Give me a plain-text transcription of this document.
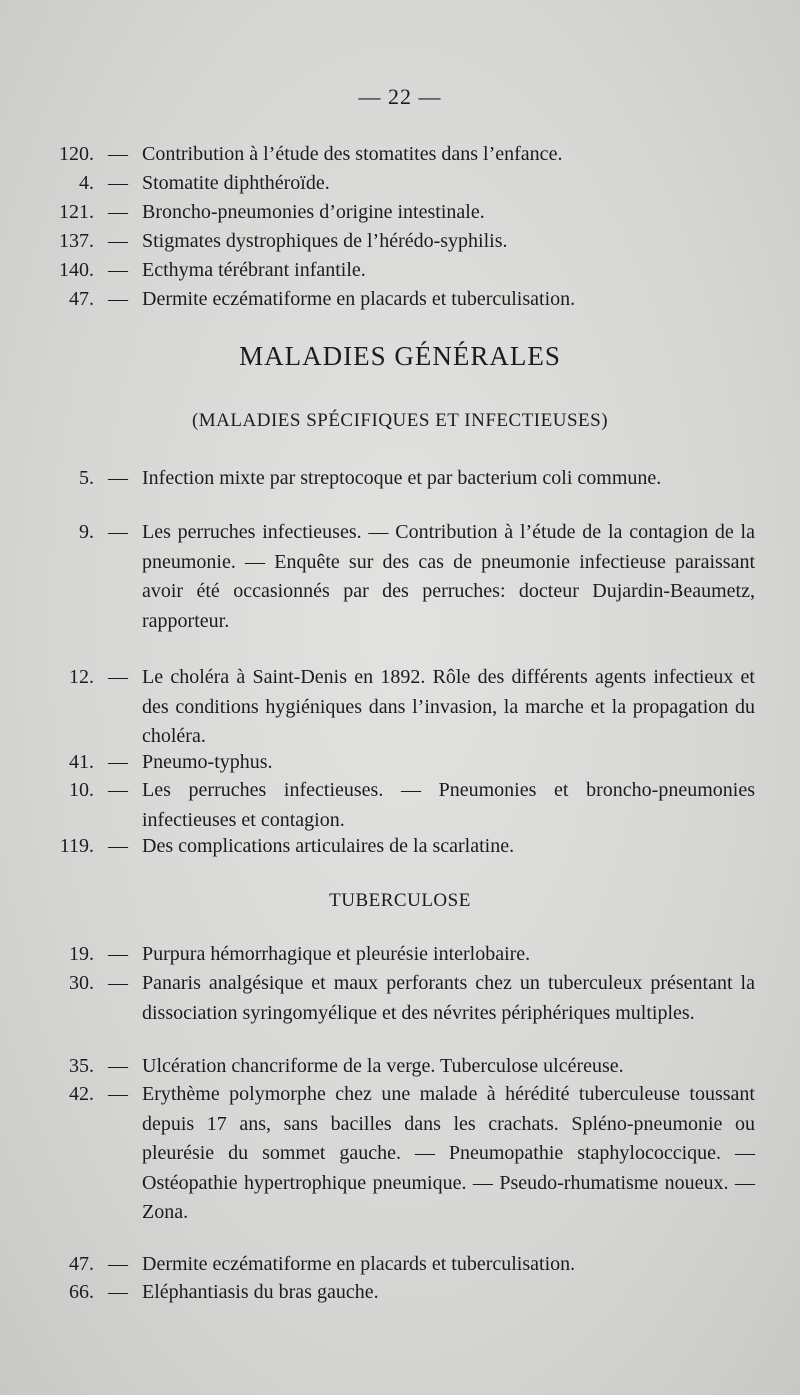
— 22 —
120. — Contribution à l’étude des stomatites dans l’enfance.
4. — Stomatite diphthéroïde.
121. — Broncho-pneumonies d’origine intestinale.
137. — Stigmates dystrophiques de l’hérédo-syphilis.
140. — Ecthyma térébrant infantile.
47. — Dermite eczématiforme en placards et tuberculisation.
MALADIES GÉNÉRALES
(MALADIES SPÉCIFIQUES ET INFECTIEUSES)
5. — Infection mixte par streptocoque et par bacterium coli commune.
9. — Les perruches infectieuses. — Contribution à l’étude de la contagion de la pneumonie. — Enquête sur des cas de pneumonie infectieuse paraissant avoir été occasionnés par des perruches: docteur Dujardin-Beaumetz, rapporteur.
12. — Le choléra à Saint-Denis en 1892. Rôle des différents agents infectieux et des conditions hygiéniques dans l’invasion, la marche et la propagation du choléra.
41. — Pneumo-typhus.
10. — Les perruches infectieuses. — Pneumonies et broncho-pneumonies infectieuses et contagion.
119. — Des complications articulaires de la scarlatine.
TUBERCULOSE
19. — Purpura hémorrhagique et pleurésie interlobaire.
30. — Panaris analgésique et maux perforants chez un tuberculeux présentant la dissociation syringomyélique et des névrites périphériques multiples.
35. — Ulcération chancriforme de la verge. Tuberculose ulcéreuse.
42. — Erythème polymorphe chez une malade à hérédité tuberculeuse toussant depuis 17 ans, sans bacilles dans les crachats. Spléno-pneumonie ou pleurésie du sommet gauche. — Pneumopathie staphylococcique. — Ostéopathie hypertrophique pneumique. — Pseudo-rhumatisme noueux. — Zona.
47. — Dermite eczématiforme en placards et tuberculisation.
66. — Eléphantiasis du bras gauche.
